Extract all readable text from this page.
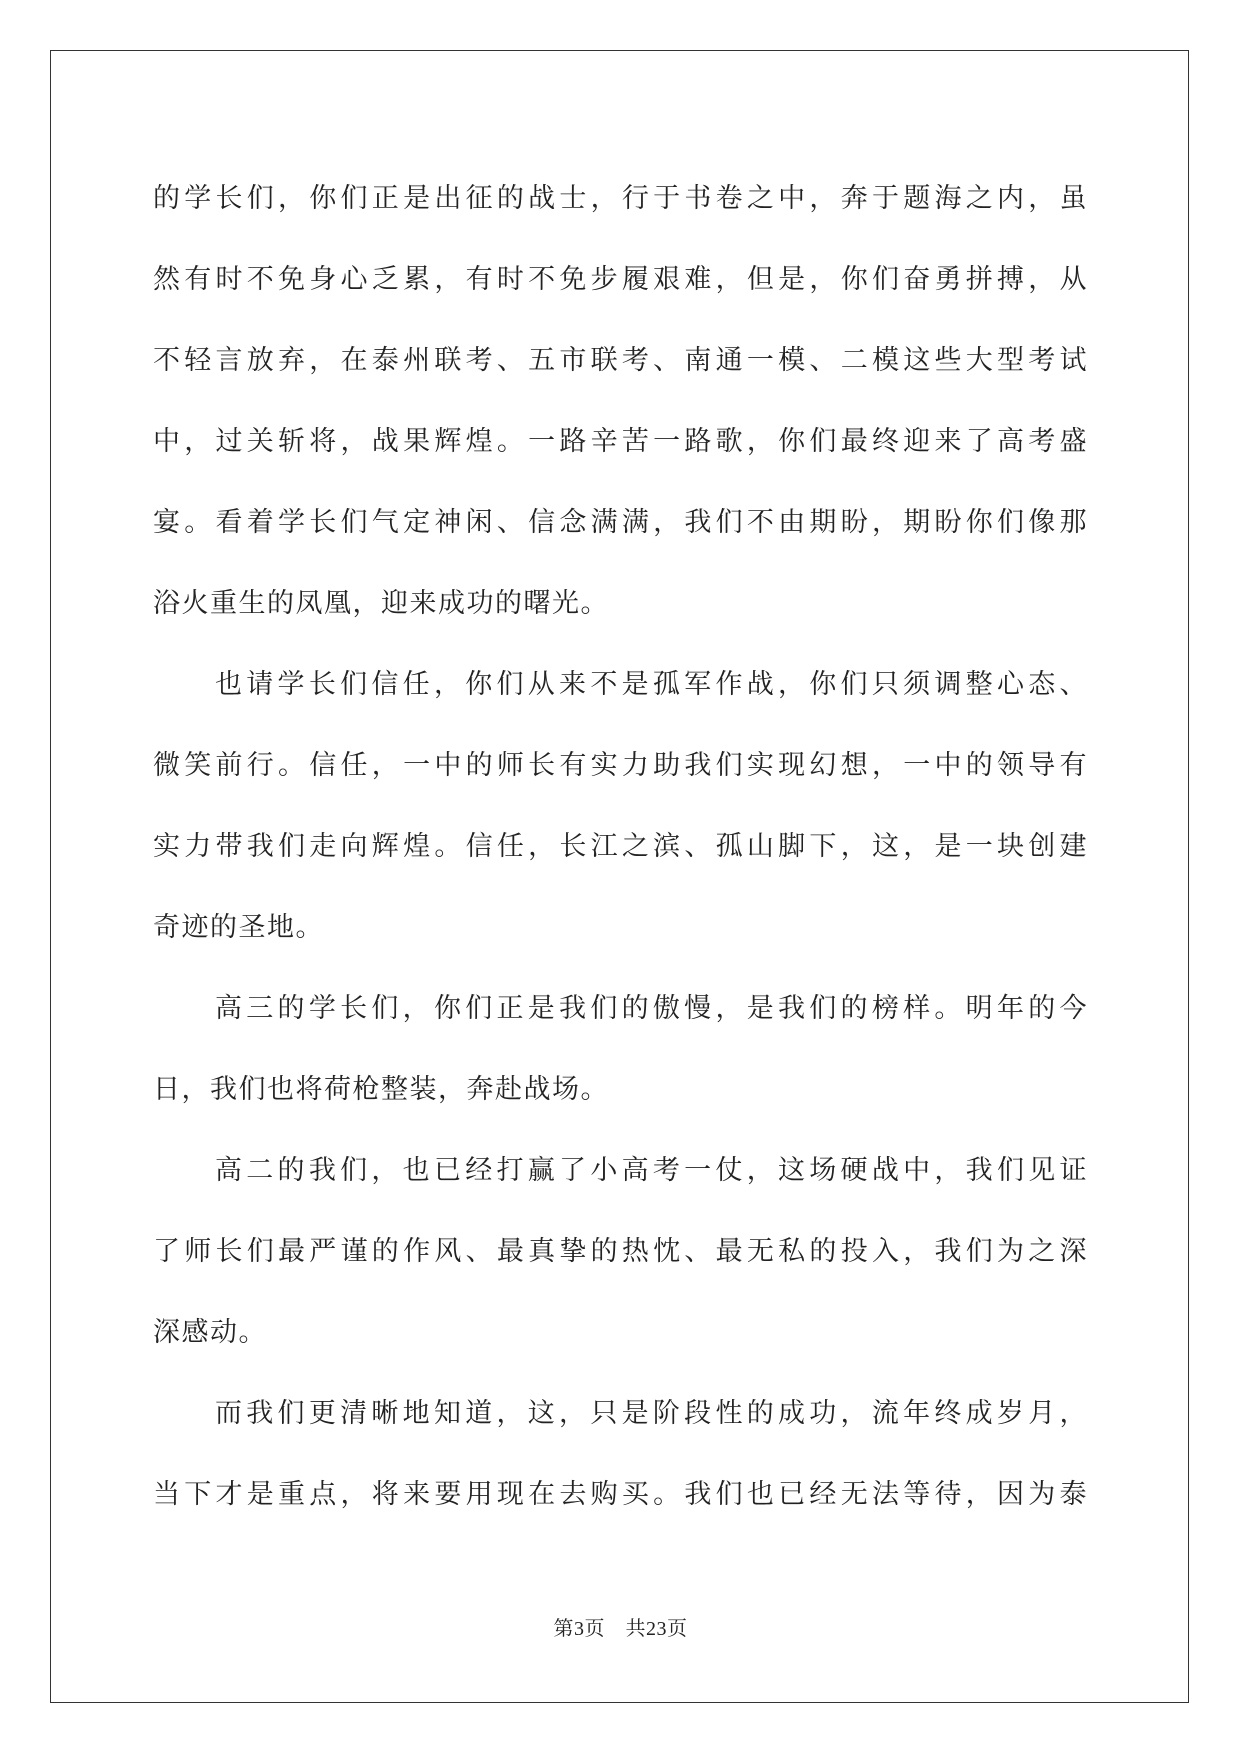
的学长们，你们正是出征的战士，行于书卷之中，奔于题海之内，虽
然有时不免身心乏累，有时不免步履艰难，但是，你们奋勇拼搏，从
不轻言放弃，在泰州联考、五市联考、南通一模、二模这些大型考试
中，过关斩将，战果辉煌。一路辛苦一路歌，你们最终迎来了高考盛
宴。看着学长们气定神闲、信念满满，我们不由期盼，期盼你们像那
浴火重生的凤凰，迎来成功的曙光。

也请学长们信任，你们从来不是孤军作战，你们只须调整心态、
微笑前行。信任，一中的师长有实力助我们实现幻想，一中的领导有
实力带我们走向辉煌。信任，长江之滨、孤山脚下，这，是一块创建
奇迹的圣地。

高三的学长们，你们正是我们的傲慢，是我们的榜样。明年的今
日，我们也将荷枪整装，奔赴战场。

高二的我们，也已经打赢了小高考一仗，这场硬战中，我们见证
了师长们最严谨的作风、最真挚的热忱、最无私的投入，我们为之深
深感动。

而我们更清晰地知道，这，只是阶段性的成功，流年终成岁月，
当下才是重点，将来要用现在去购买。我们也已经无法等待，因为泰

第3页　共23页
